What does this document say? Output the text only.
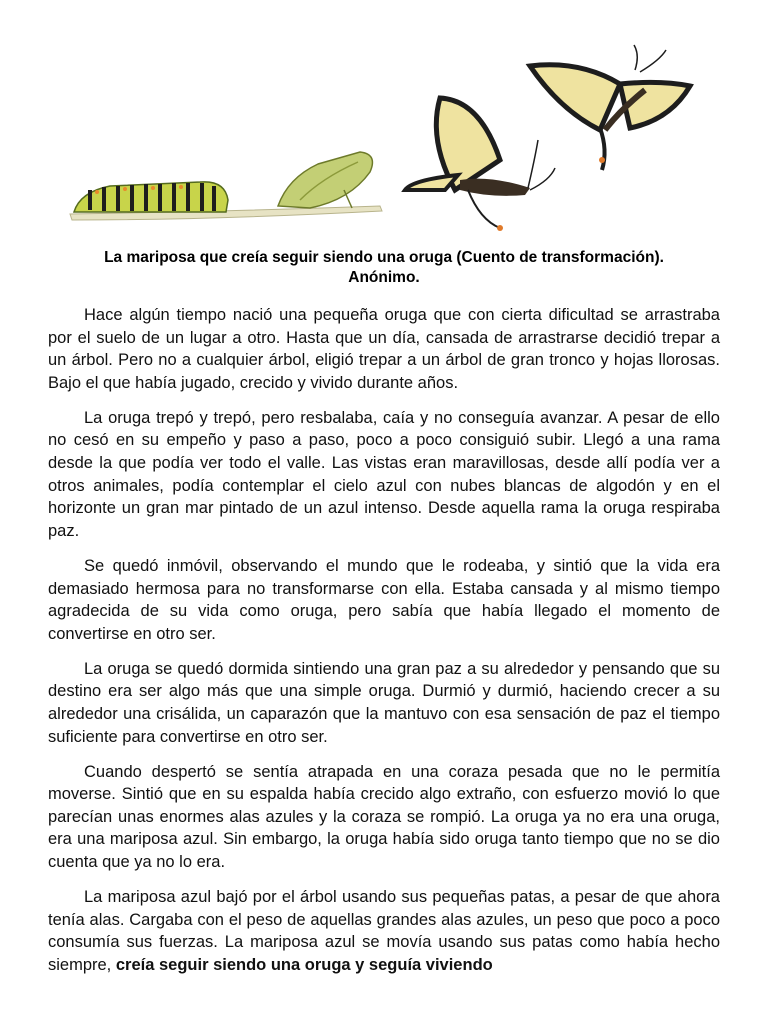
La mariposa que creía seguir siendo una oruga (Cuento de transformación).
Anónimo.

Hace algún tiempo nació una pequeña oruga que con cierta dificultad se arrastraba por el suelo de un lugar a otro. Hasta que un día, cansada de arrastrarse decidió trepar a un árbol. Pero no a cualquier árbol, eligió trepar a un árbol de gran tronco y hojas llorosas. Bajo el que había jugado, crecido y vivido durante años.

La oruga trepó y trepó, pero resbalaba, caía y no conseguía avanzar. A pesar de ello no cesó en su empeño y paso a paso, poco a poco consiguió subir. Llegó a una rama desde la que podía ver todo el valle. Las vistas eran maravillosas, desde allí podía ver a otros animales, podía contemplar el cielo azul con nubes blancas de algodón y en el horizonte un gran mar pintado de un azul intenso. Desde aquella rama la oruga respiraba paz.

Se quedó inmóvil, observando el mundo que le rodeaba, y sintió que la vida era demasiado hermosa para no transformarse con ella. Estaba cansada y al mismo tiempo agradecida de su vida como oruga, pero sabía que había llegado el momento de convertirse en otro ser.

La oruga se quedó dormida sintiendo una gran paz a su alrededor y pensando que su destino era ser algo más que una simple oruga. Durmió y durmió, haciendo crecer a su alrededor una crisálida, un caparazón que la mantuvo con esa sensación de paz el tiempo suficiente para convertirse en otro ser.

Cuando despertó se sentía atrapada en una coraza pesada que no le permitía moverse. Sintió que en su espalda había crecido algo extraño, con esfuerzo movió lo que parecían unas enormes alas azules y la coraza se rompió. La oruga ya no era una oruga, era una mariposa azul. Sin embargo, la oruga había sido oruga tanto tiempo que no se dio cuenta que ya no lo era.

La mariposa azul bajó por el árbol usando sus pequeñas patas, a pesar de que ahora tenía alas. Cargaba con el peso de aquellas grandes alas azules, un peso que poco a poco consumía sus fuerzas. La mariposa azul se movía usando sus patas como había hecho siempre, creía seguir siendo una oruga y seguía viviendo
